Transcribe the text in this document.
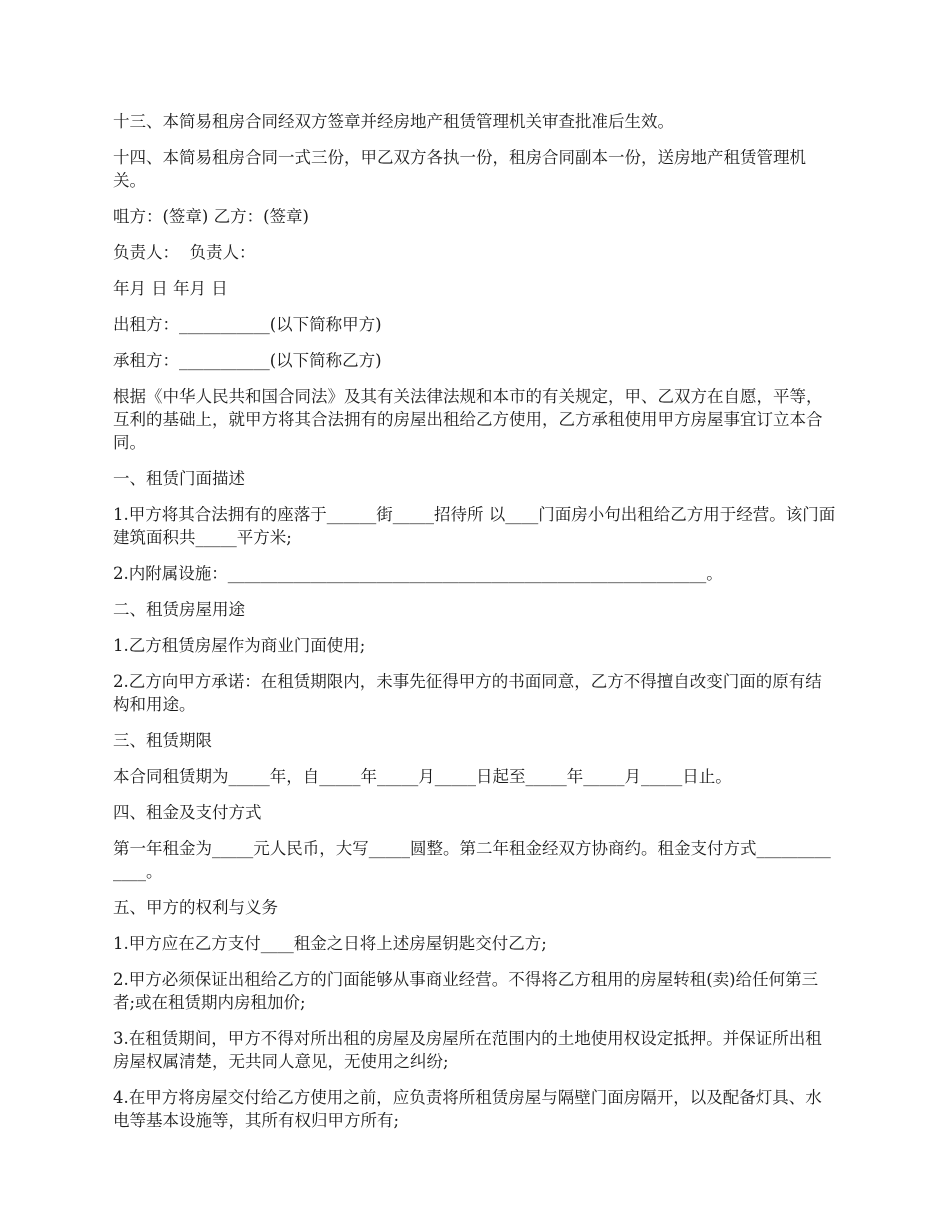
十三、本简易租房合同经双方签章并经房地产租赁管理机关审查批准后生效。

十四、本简易租房合同一式三份，甲乙双方各执一份，租房合同副本一份，送房地产租赁管理机关。

咀方：(签章) 乙方：(签章)

负责人：  负责人：

年月 日 年月 日

出租方：___________(以下简称甲方)

承租方：___________(以下简称乙方)

根据《中华人民共和国合同法》及其有关法律法规和本市的有关规定，甲、乙双方在自愿，平等，互利的基础上，就甲方将其合法拥有的房屋出租给乙方使用，乙方承租使用甲方房屋事宜订立本合同。

一、租赁门面描述

1.甲方将其合法拥有的座落于______街_____招待所 以____门面房小句出租给乙方用于经营。该门面建筑面积共_____平方米;

2.内附属设施：__________________________________________________________。

二、租赁房屋用途

1.乙方租赁房屋作为商业门面使用;

2.乙方向甲方承诺：在租赁期限内，未事先征得甲方的书面同意，乙方不得擅自改变门面的原有结构和用途。

三、租赁期限

本合同租赁期为_____年，自_____年_____月_____日起至_____年_____月_____日止。

四、租金及支付方式

第一年租金为_____元人民币，大写_____圆整。第二年租金经双方协商约。租金支付方式_____________。

五、甲方的权利与义务

1.甲方应在乙方支付____租金之日将上述房屋钥匙交付乙方;

2.甲方必须保证出租给乙方的门面能够从事商业经营。不得将乙方租用的房屋转租(卖)给任何第三者;或在租赁期内房租加价;

3.在租赁期间，甲方不得对所出租的房屋及房屋所在范围内的土地使用权设定抵押。并保证所出租房屋权属清楚，无共同人意见，无使用之纠纷;

4.在甲方将房屋交付给乙方使用之前，应负责将所租赁房屋与隔壁门面房隔开，以及配备灯具、水电等基本设施等，其所有权归甲方所有;
